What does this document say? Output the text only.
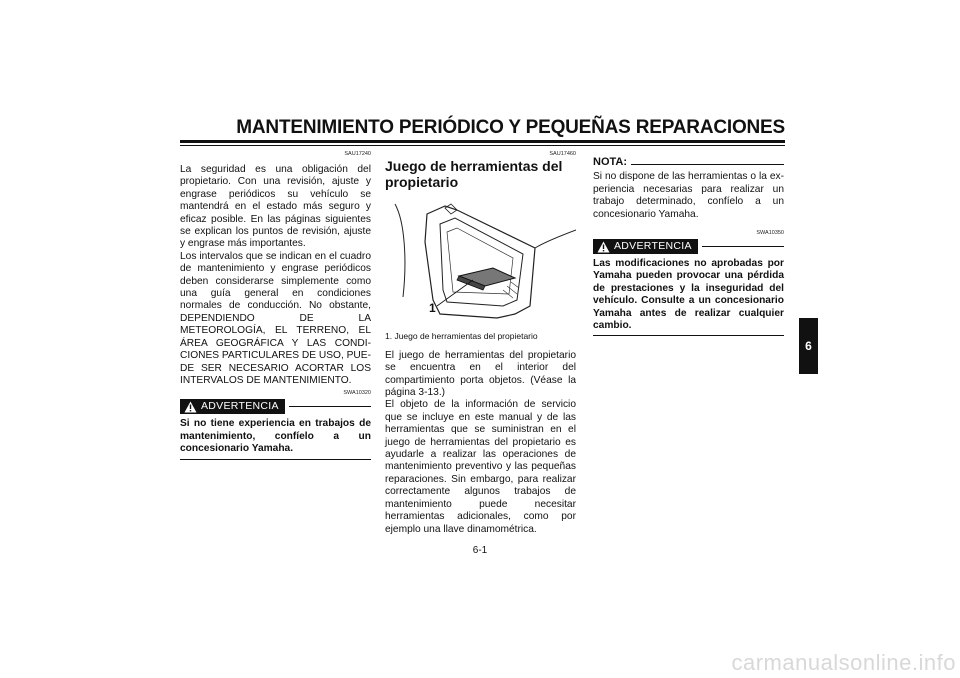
MANTENIMIENTO PERIÓDICO Y PEQUEÑAS REPARACIONES
SAU17240

La seguridad es una obligación del propietario. Con una revisión, ajuste y engrase periódicos su vehículo se mantendrá en el estado más seguro y eficaz posible. En las páginas siguientes se explican los puntos de revisión, ajuste y engrase más importantes.

Los intervalos que se indican en el cuadro de mantenimiento y engrase periódicos deben considerarse simplemente como una guía general en condiciones normales de conducción. No obstante, DEPENDIENDO DE LA METEOROLOGÍA, EL TERRENO, EL ÁREA GEOGRÁFICA Y LAS CONDICIONES PARTICULARES DE USO, PUEDE SER NECESARIO ACORTAR LOS INTERVALOS DE MANTENIMIENTO.

SWA10320
ADVERTENCIA

Si no tiene experiencia en trabajos de mantenimiento, confíelo a un concesionario Yamaha.

SAU17460
Juego de herramientas del propietario
1
1. Juego de herramientas del propietario

El juego de herramientas del propietario se encuentra en el interior del compartimiento porta objetos. (Véase la página 3-13.)

El objeto de la información de servicio que se incluye en este manual y de las herramientas que se suministran en el juego de herramientas del propietario es ayudarle a realizar las operaciones de mantenimiento preventivo y las pequeñas reparaciones. Sin embargo, para realizar correctamente algunos trabajos de mantenimiento puede necesitar herramientas adicionales, como por ejemplo una llave dinamométrica.

NOTA:

Si no dispone de las herramientas o la experiencia necesarias para realizar un trabajo determinado, confíelo a un concesionario Yamaha.

SWA10350
ADVERTENCIA

Las modificaciones no aprobadas por Yamaha pueden provocar una pérdida de prestaciones y la inseguridad del vehículo. Consulte a un concesionario Yamaha antes de realizar cualquier cambio.

6
6-1
carmanualsonline.info
